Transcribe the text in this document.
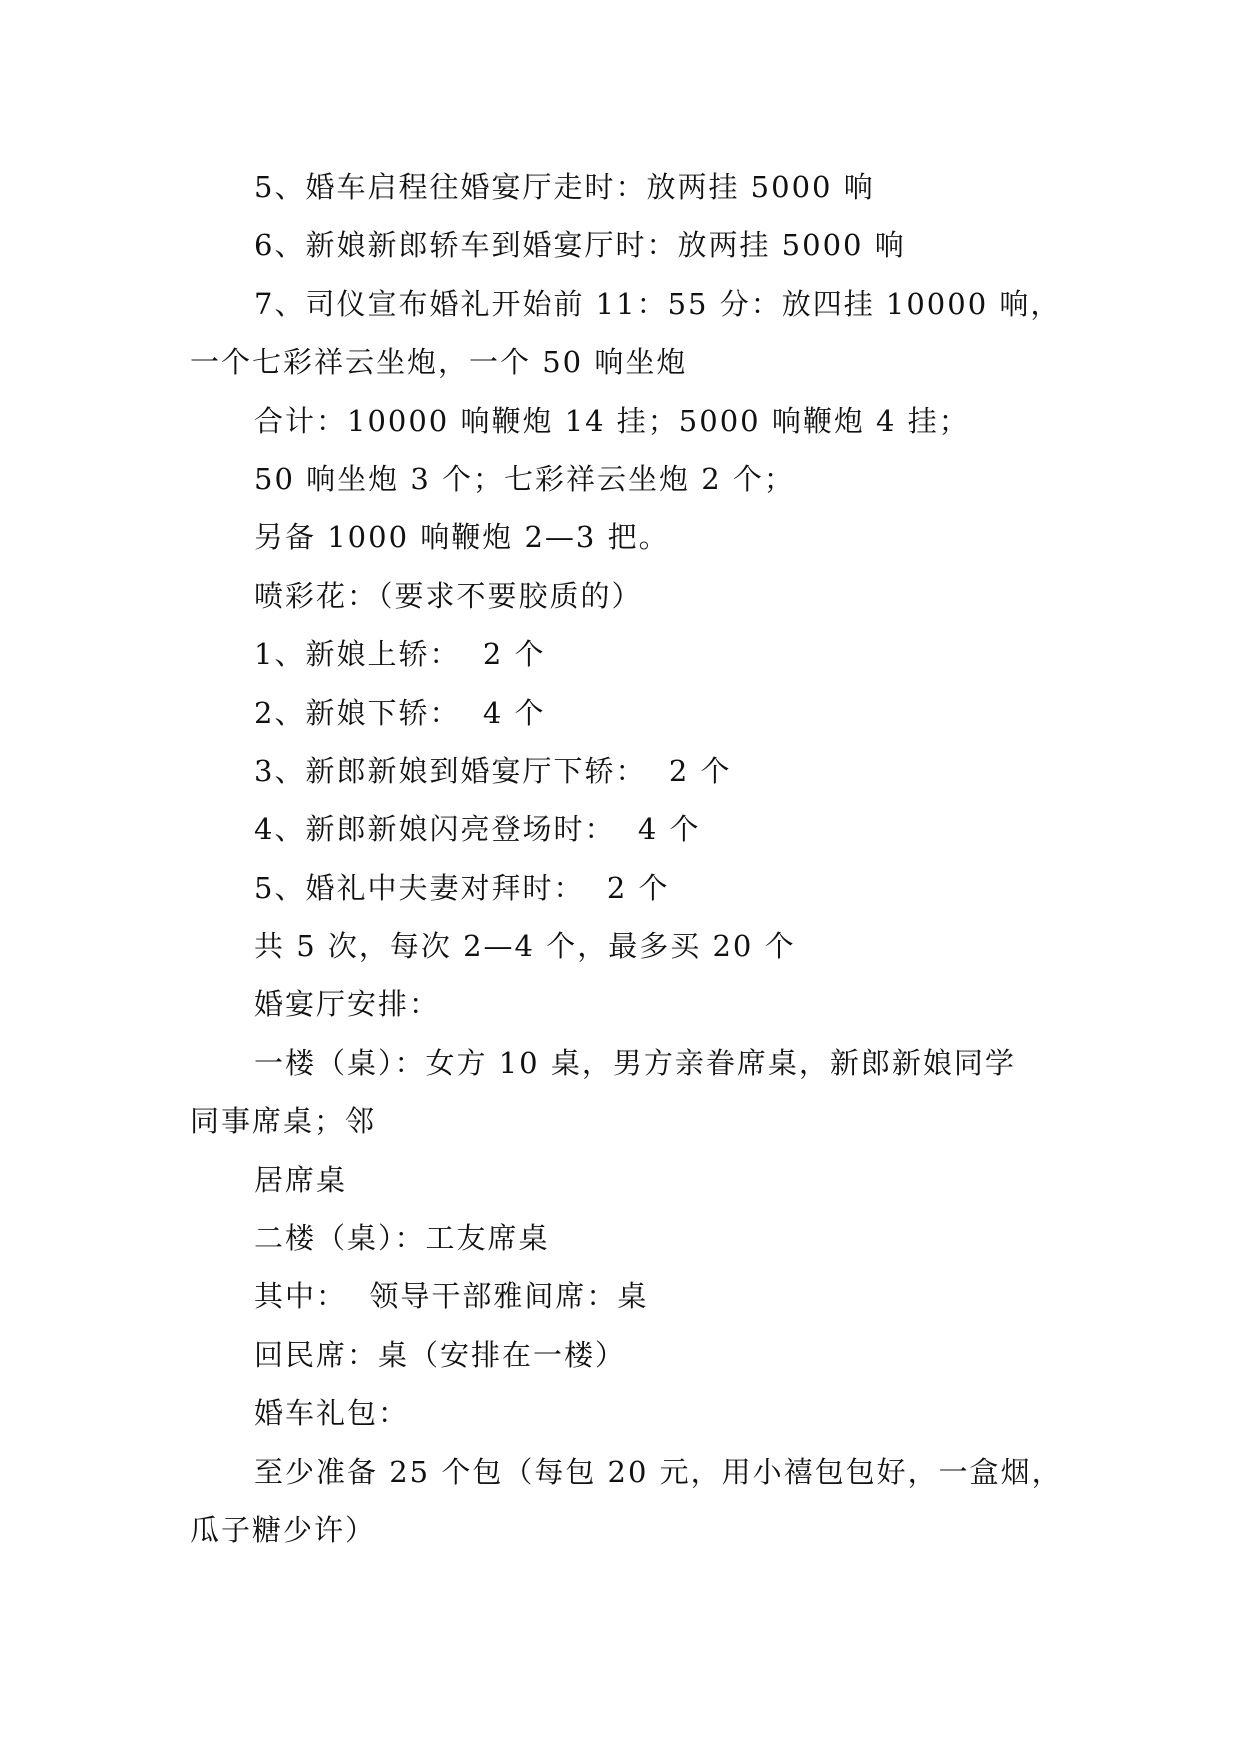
5、婚车启程往婚宴厅走时：放两挂 5000 响
6、新娘新郎轿车到婚宴厅时：放两挂 5000 响
7、司仪宣布婚礼开始前 11：55 分：放四挂 10000 响，
一个七彩祥云坐炮，一个 50 响坐炮
合计：10000 响鞭炮 14 挂；5000 响鞭炮 4 挂；
50 响坐炮 3 个；七彩祥云坐炮 2 个；
另备 1000 响鞭炮 2—3 把。
喷彩花：（要求不要胶质的）
1、新娘上轿：  2 个
2、新娘下轿：  4 个
3、新郎新娘到婚宴厅下轿：  2 个
4、新郎新娘闪亮登场时：  4 个
5、婚礼中夫妻对拜时：  2 个
共 5 次，每次 2—4 个，最多买 20 个
婚宴厅安排：
一楼（桌）：女方 10 桌，男方亲眷席桌，新郎新娘同学
同事席桌；邻
居席桌
二楼（桌）：工友席桌
其中：  领导干部雅间席：桌
回民席：桌（安排在一楼）
婚车礼包：
至少准备 25 个包（每包 20 元，用小禧包包好，一盒烟，
瓜子糖少许）
